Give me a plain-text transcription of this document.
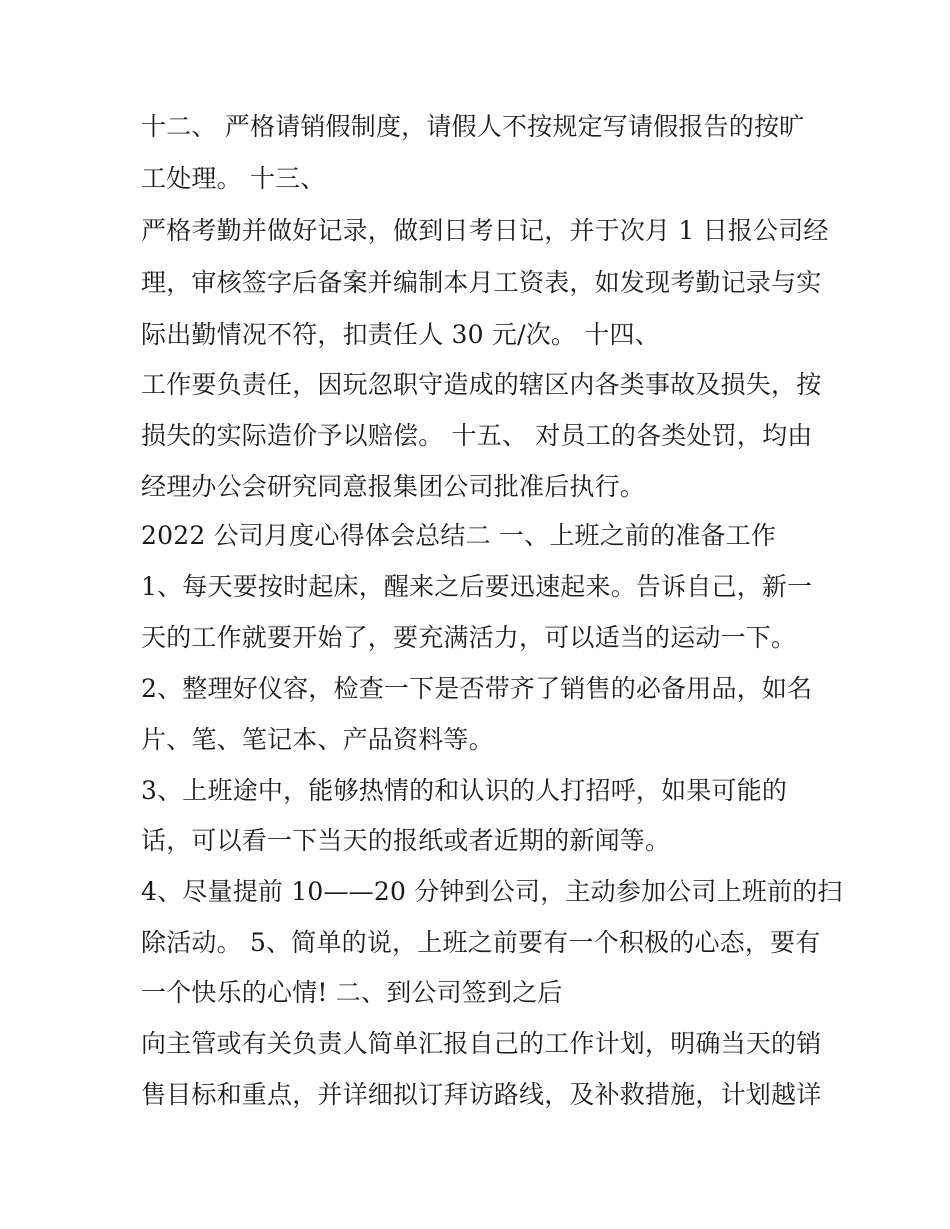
十二、 严格请销假制度，请假人不按规定写请假报告的按旷

工处理。 十三、

严格考勤并做好记录，做到日考日记，并于次月 1 日报公司经

理，审核签字后备案并编制本月工资表，如发现考勤记录与实

际出勤情况不符，扣责任人 30 元/次。 十四、

工作要负责任，因玩忽职守造成的辖区内各类事故及损失，按

损失的实际造价予以赔偿。 十五、 对员工的各类处罚，均由

经理办公会研究同意报集团公司批准后执行。

2022 公司月度心得体会总结二 一、上班之前的准备工作

1、每天要按时起床，醒来之后要迅速起来。告诉自己，新一

天的工作就要开始了，要充满活力，可以适当的运动一下。

2、整理好仪容，检查一下是否带齐了销售的必备用品，如名

片、笔、笔记本、产品资料等。

3、上班途中，能够热情的和认识的人打招呼，如果可能的

话，可以看一下当天的报纸或者近期的新闻等。

4、尽量提前 10——20 分钟到公司，主动参加公司上班前的扫

除活动。 5、简单的说，上班之前要有一个积极的心态，要有

一个快乐的心情! 二、到公司签到之后

向主管或有关负责人简单汇报自己的工作计划，明确当天的销

售目标和重点，并详细拟订拜访路线，及补救措施，计划越详
